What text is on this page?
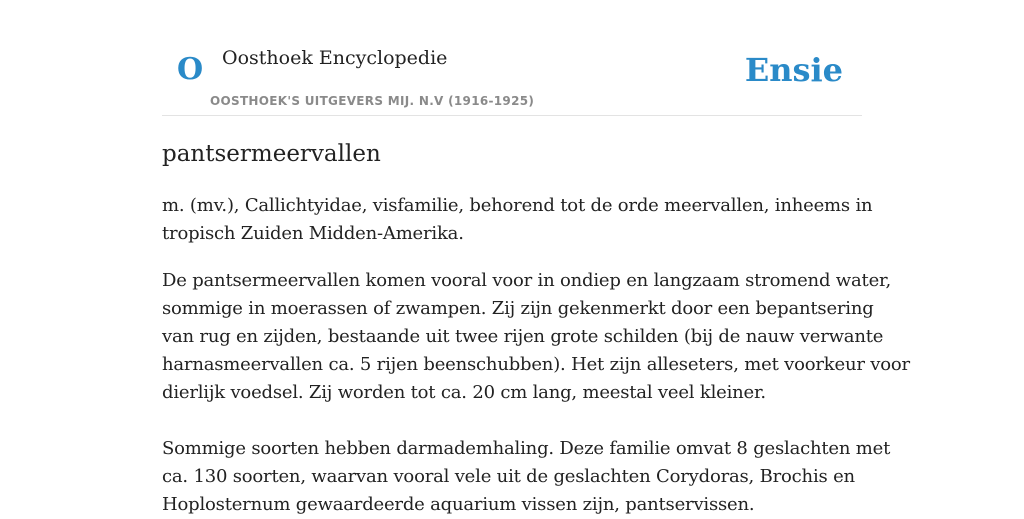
O Oosthoek Encyclopedie
OOSTHOEK'S UITGEVERS MIJ. N.V (1916-1925)
Ensie
pantsermeervallen

m. (mv.), Callichtyidae, visfamilie, behorend tot de orde meervallen, inheems in
tropisch Zuiden Midden-Amerika.

De pantsermeervallen komen vooral voor in ondiep en langzaam stromend water,
sommige in moerassen of zwampen. Zij zijn gekenmerkt door een bepantsering
van rug en zijden, bestaande uit twee rijen grote schilden (bij de nauw verwante
harnasmeervallen ca. 5 rijen beenschubben). Het zijn alleseters, met voorkeur voor
dierlijk voedsel. Zij worden tot ca. 20 cm lang, meestal veel kleiner.

Sommige soorten hebben darmademhaling. Deze familie omvat 8 geslachten met
ca. 130 soorten, waarvan vooral vele uit de geslachten Corydoras, Brochis en
Hoplosternum gewaardeerde aquarium vissen zijn, pantservissen.
